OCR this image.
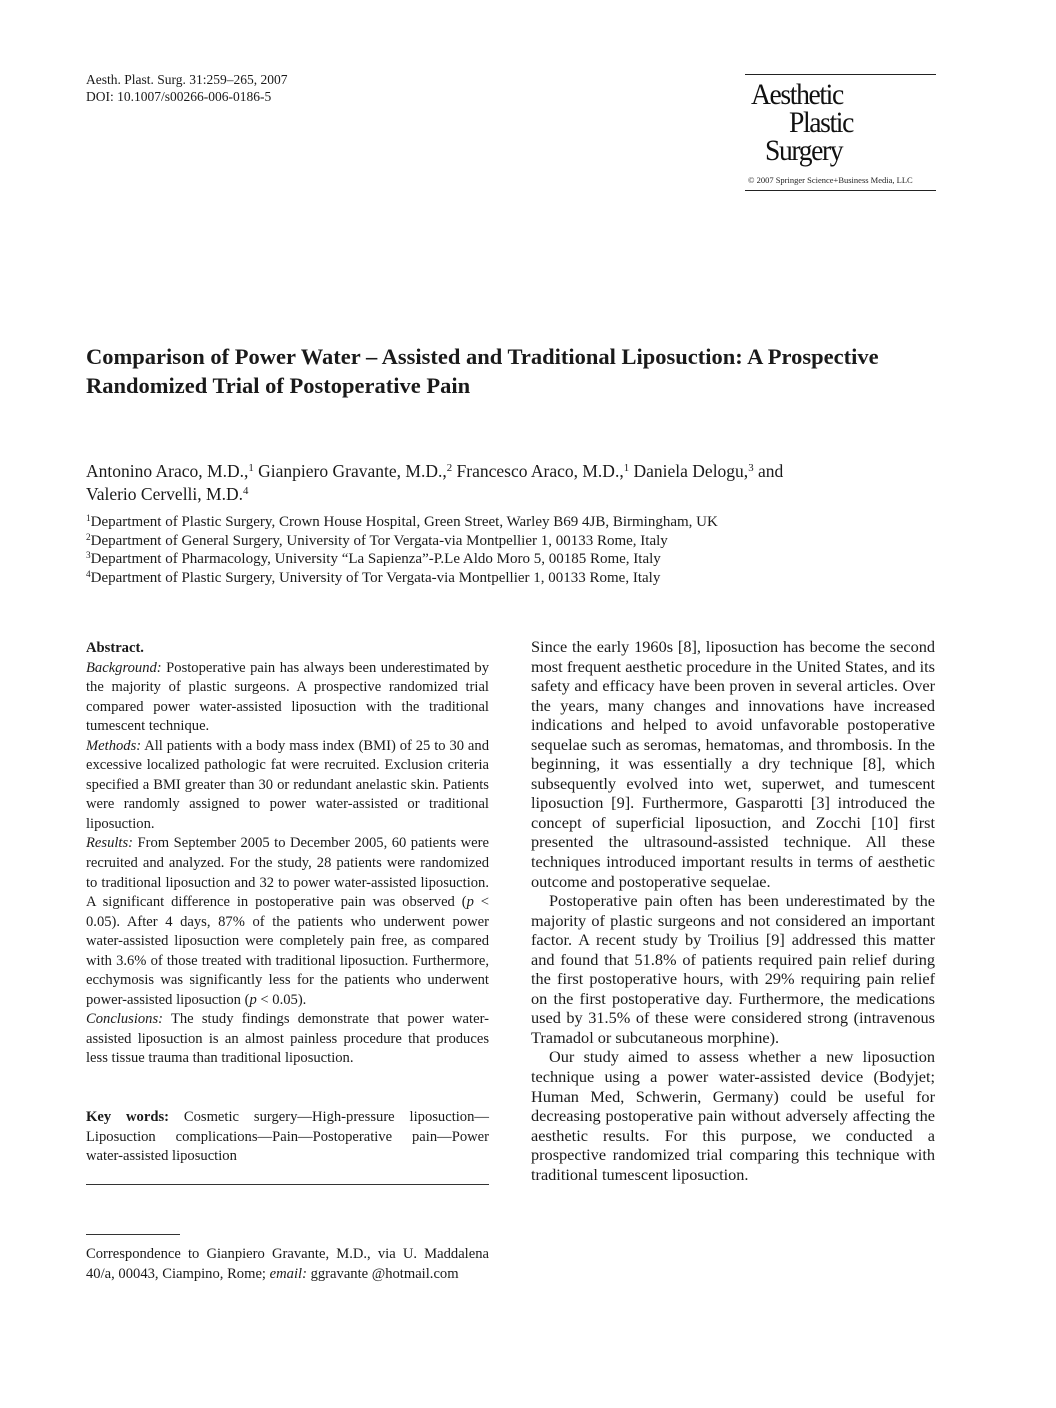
Aesth. Plast. Surg. 31:259–265, 2007
DOI: 10.1007/s00266-006-0186-5	Aesthetic
Plastic
Surgery
© 2007 Springer Science+Business Media, LLC
Comparison of Power Water – Assisted and Traditional Liposuction: A Prospective Randomized Trial of Postoperative Pain
Antonino Araco, M.D.,$^1$ Gianpiero Gravante, M.D.,$^2$ Francesco Araco, M.D.,$^1$ Daniela Delogu,$^3$ and
Valerio Cervelli, M.D.$^4$
$^1$Department of Plastic Surgery, Crown House Hospital, Green Street, Warley B69 4JB, Birmingham, UK
$^2$Department of General Surgery, University of Tor Vergata-via Montpellier 1, 00133 Rome, Italy
$^3$Department of Pharmacology, University “La Sapienza”-P.Le Aldo Moro 5, 00185 Rome, Italy
$^4$Department of Plastic Surgery, University of Tor Vergata-via Montpellier 1, 00133 Rome, Italy

Abstract.

Background: Postoperative pain has always been underestimated by the majority of plastic surgeons. A prospective randomized trial compared power water-assisted liposuction with the traditional tumescent technique.

Methods: All patients with a body mass index (BMI) of 25 to 30 and excessive localized pathologic fat were recruited. Exclusion criteria specified a BMI greater than 30 or redundant anelastic skin. Patients were randomly assigned to power water-assisted or traditional liposuction.

Results: From September 2005 to December 2005, 60 patients were recruited and analyzed. For the study, 28 patients were randomized to traditional liposuction and 32 to power water-assisted liposuction. A significant difference in postoperative pain was observed (p < 0.05). After 4 days, 87% of the patients who underwent power water-assisted liposuction were completely pain free, as compared with 3.6% of those treated with traditional liposuction. Furthermore, ecchymosis was significantly less for the patients who underwent power-assisted liposuction (p < 0.05).

Conclusions: The study findings demonstrate that power water-assisted liposuction is an almost painless procedure that produces less tissue trauma than traditional liposuction.

Key words: Cosmetic surgery—High-pressure liposuction—Liposuction complications—Pain—Postoperative pain—Power water-assisted liposuction
Correspondence to Gianpiero Gravante, M.D., via U. Maddalena 40/a, 00043, Ciampino, Rome; email: ggravante @hotmail.com

Since the early 1960s [8], liposuction has become the second most frequent aesthetic procedure in the United States, and its safety and efficacy have been proven in several articles. Over the years, many changes and innovations have increased indications and helped to avoid unfavorable postoperative sequelae such as seromas, hematomas, and thrombosis. In the beginning, it was essentially a dry technique [8], which subsequently evolved into wet, superwet, and tumescent liposuction [9]. Furthermore, Gasparotti [3] introduced the concept of superficial liposuction, and Zocchi [10] first presented the ultrasound-assisted technique. All these techniques introduced important results in terms of aesthetic outcome and postoperative sequelae.

Postoperative pain often has been underestimated by the majority of plastic surgeons and not considered an important factor. A recent study by Troilius [9] addressed this matter and found that 51.8% of patients required pain relief during the first postoperative hours, with 29% requiring pain relief on the first postoperative day. Furthermore, the medications used by 31.5% of these were considered strong (intravenous Tramadol or subcutaneous morphine).

Our study aimed to assess whether a new liposuction technique using a power water-assisted device (Bodyjet; Human Med, Schwerin, Germany) could be useful for decreasing postoperative pain without adversely affecting the aesthetic results. For this purpose, we conducted a prospective randomized trial comparing this technique with traditional tumescent liposuction.
